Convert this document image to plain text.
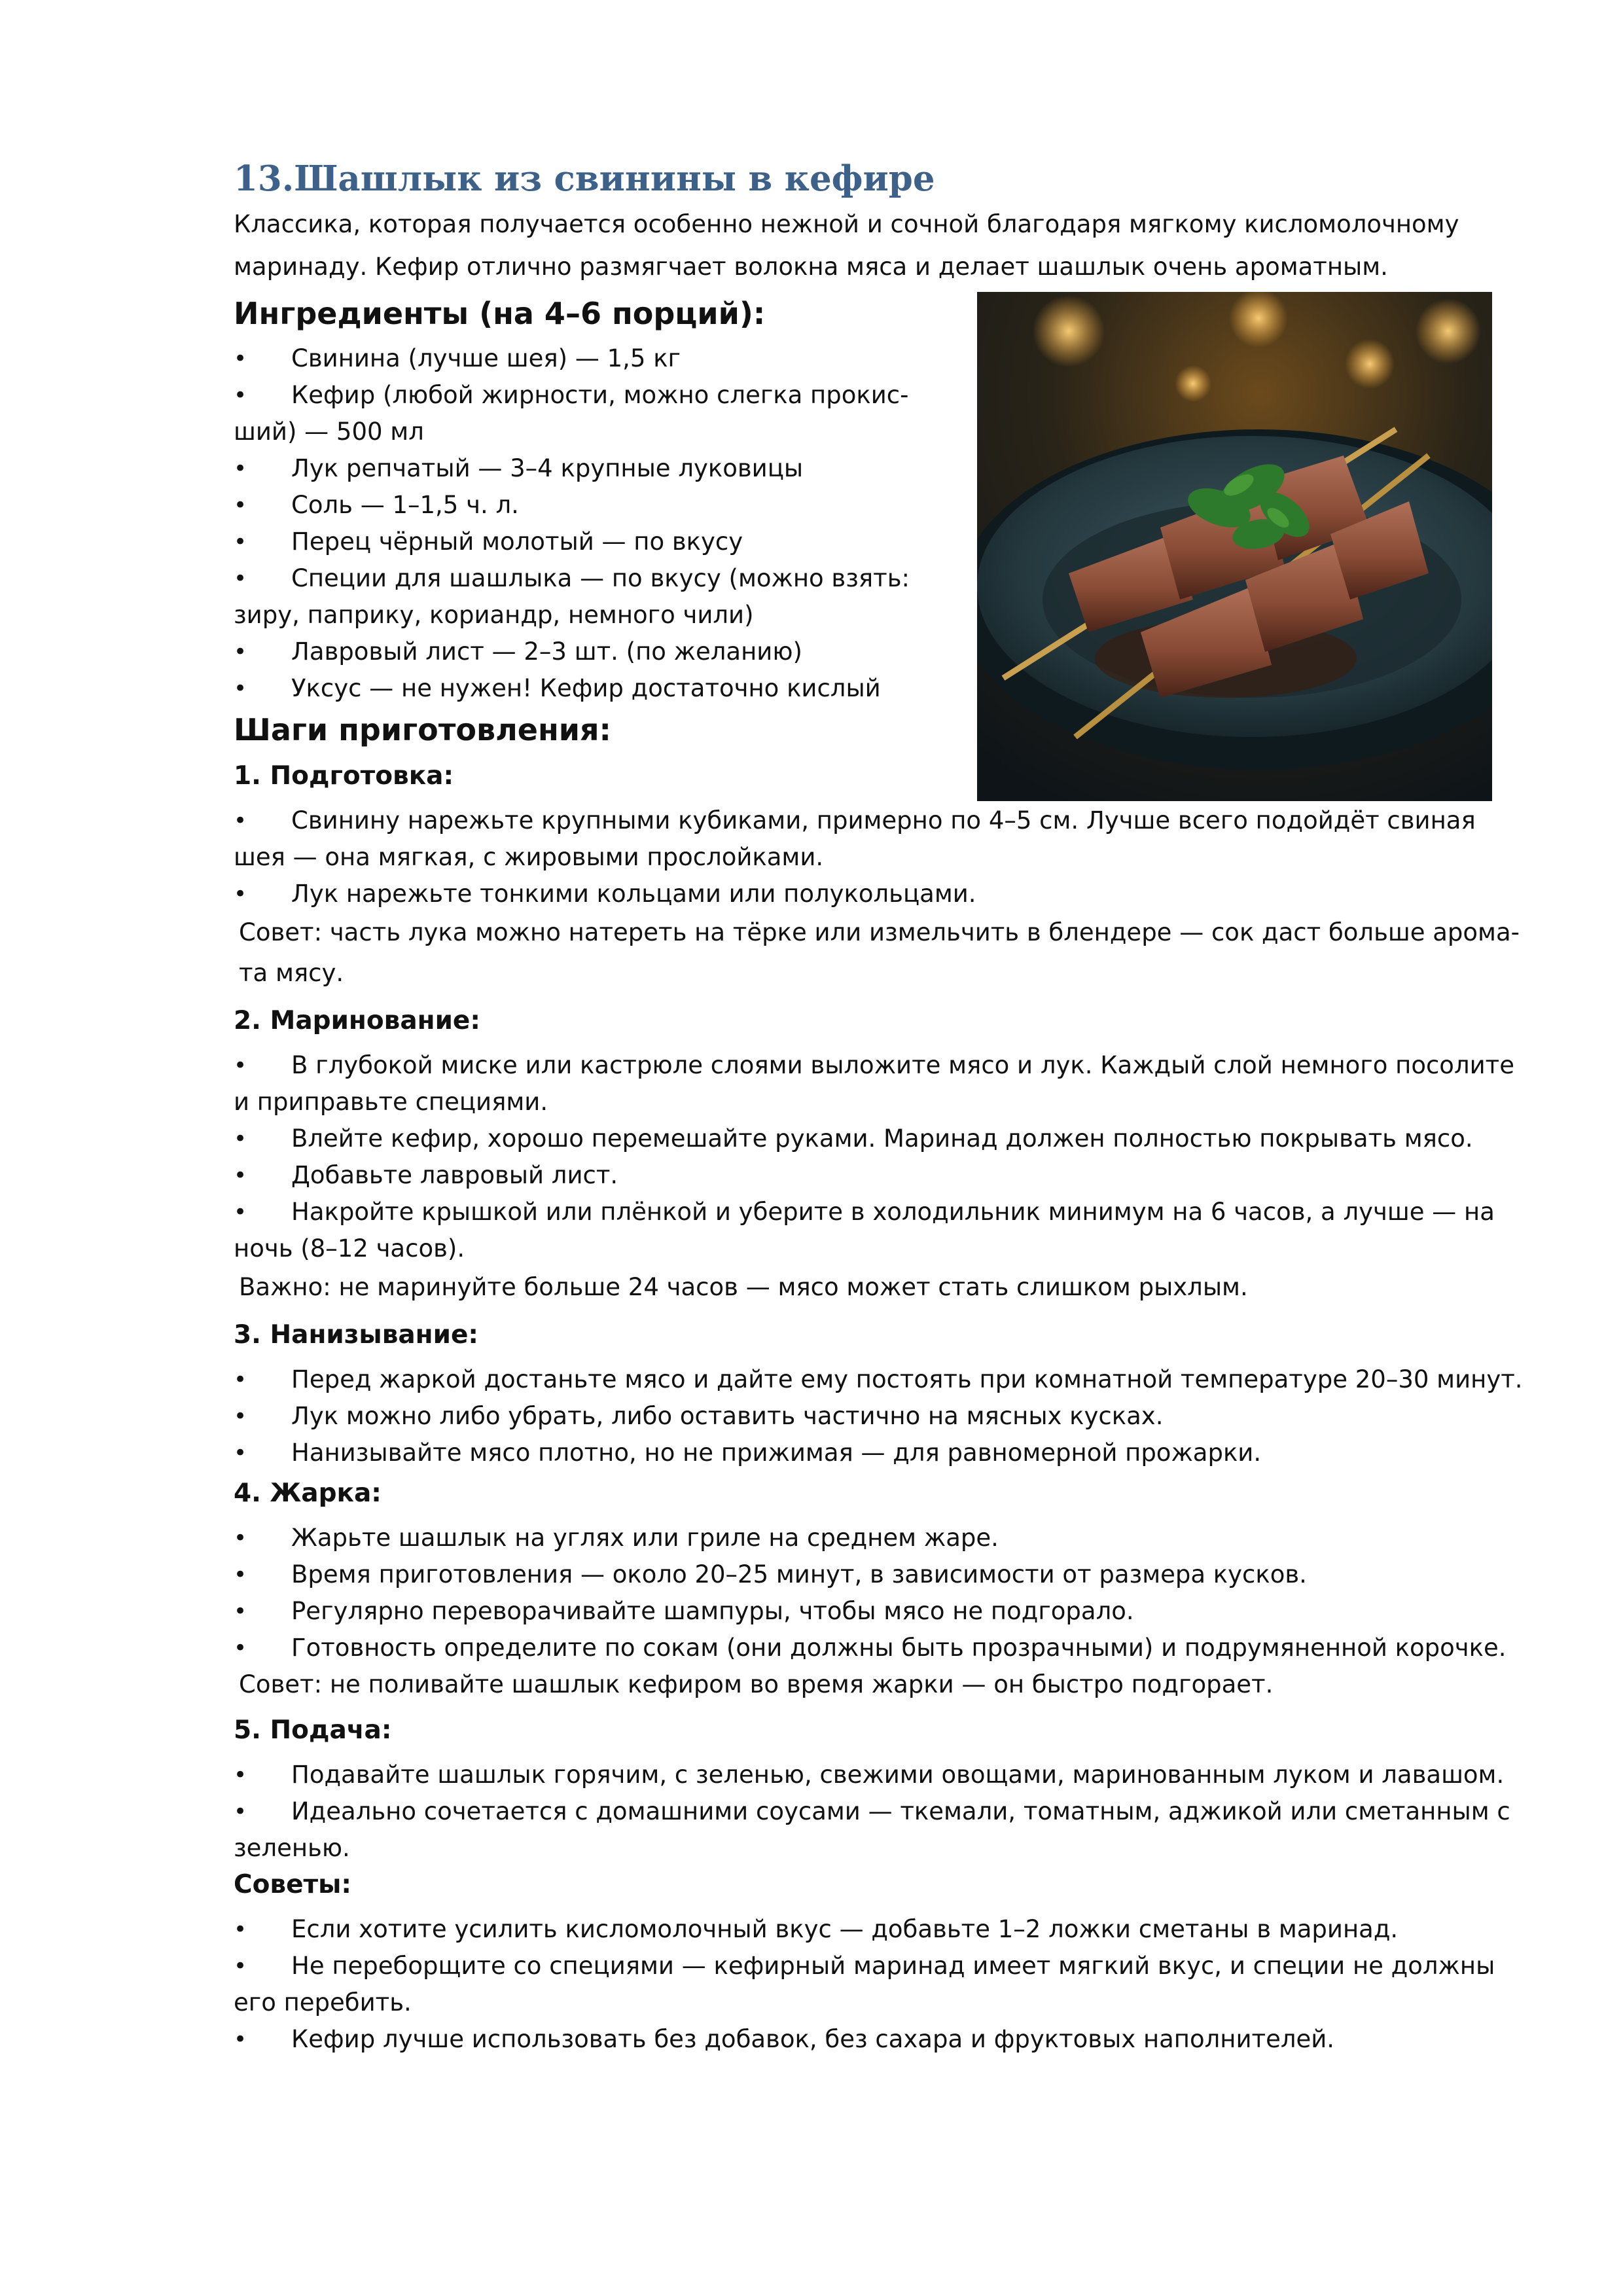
13.Шашлык из свинины в кефире

Классика, которая получается особенно нежной и сочной благодаря мягкому кисломолочному маринаду. Кефир отлично размягчает волокна мяса и делает шашлык очень ароматным.

Ингредиенты (на 4–6 порций):
• Свинина (лучше шея) — 1,5 кг
• Кефир (любой жирности, можно слегка прокисший) — 500 мл
• Лук репчатый — 3–4 крупные луковицы
• Соль — 1–1,5 ч. л.
• Перец чёрный молотый — по вкусу
• Специи для шашлыка — по вкусу (можно взять: зиру, паприку, кориандр, немного чили)
• Лавровый лист — 2–3 шт. (по желанию)
• Уксус — не нужен! Кефир достаточно кислый
Шаги приготовления:
1. Подготовка:
• Свинину нарежьте крупными кубиками, примерно по 4–5 см. Лучше всего подойдёт свиная шея — она мягкая, с жировыми прослойками.
• Лук нарежьте тонкими кольцами или полукольцами.

Совет: часть лука можно натереть на тёрке или измельчить в блендере — сок даст больше аромата мясу.

2. Маринование:
• В глубокой миске или кастрюле слоями выложите мясо и лук. Каждый слой немного посолите и приправьте специями.
• Влейте кефир, хорошо перемешайте руками. Маринад должен полностью покрывать мясо.
• Добавьте лавровый лист.
• Накройте крышкой или плёнкой и уберите в холодильник минимум на 6 часов, а лучше — на ночь (8–12 часов).

Важно: не маринуйте больше 24 часов — мясо может стать слишком рыхлым.

3. Нанизывание:
• Перед жаркой достаньте мясо и дайте ему постоять при комнатной температуре 20–30 минут.
• Лук можно либо убрать, либо оставить частично на мясных кусках.
• Нанизывайте мясо плотно, но не прижимая — для равномерной прожарки.
4. Жарка:
• Жарьте шашлык на углях или гриле на среднем жаре.
• Время приготовления — около 20–25 минут, в зависимости от размера кусков.
• Регулярно переворачивайте шампуры, чтобы мясо не подгорало.
• Готовность определите по сокам (они должны быть прозрачными) и подрумяненной корочке.

Совет: не поливайте шашлык кефиром во время жарки — он быстро подгорает.

5. Подача:
• Подавайте шашлык горячим, с зеленью, свежими овощами, маринованным луком и лавашом.
• Идеально сочетается с домашними соусами — ткемали, томатным, аджикой или сметанным с зеленью.
Советы:
• Если хотите усилить кисломолочный вкус — добавьте 1–2 ложки сметаны в маринад.
• Не переборщите со специями — кефирный маринад имеет мягкий вкус, и специи не должны его перебить.
• Кефир лучше использовать без добавок, без сахара и фруктовых наполнителей.
